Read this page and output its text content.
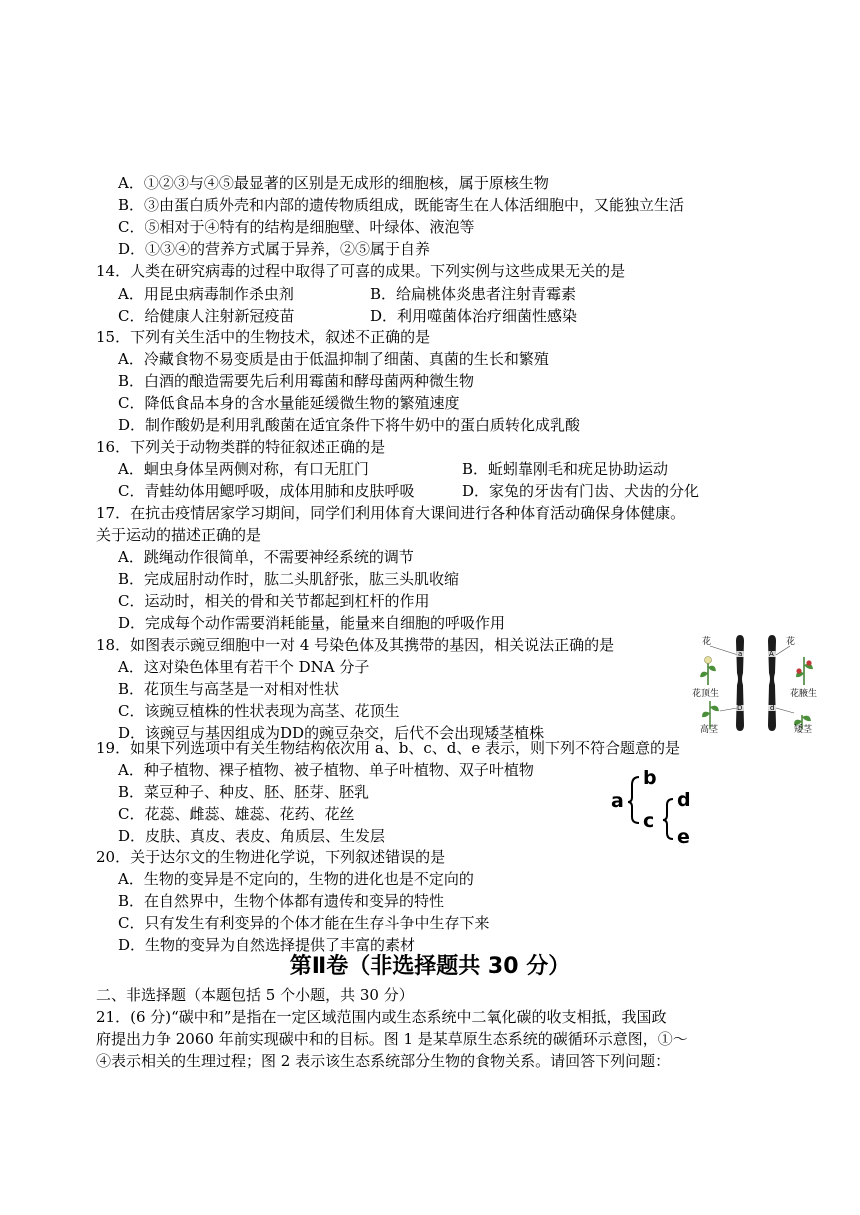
A．①②③与④⑤最显著的区别是无成形的细胞核，属于原核生物
B．③由蛋白质外壳和内部的遗传物质组成，既能寄生在人体活细胞中，又能独立生活
C．⑤相对于④特有的结构是细胞壁、叶绿体、液泡等
D．①③④的营养方式属于异养，②⑤属于自养
14．人类在研究病毒的过程中取得了可喜的成果。下列实例与这些成果无关的是
A．用昆虫病毒制作杀虫剂	B．给扁桃体炎患者注射青霉素
C．给健康人注射新冠疫苗	D．利用噬菌体治疗细菌性感染
15．下列有关生活中的生物技术，叙述不正确的是
A．冷藏食物不易变质是由于低温抑制了细菌、真菌的生长和繁殖
B．白酒的酿造需要先后利用霉菌和酵母菌两种微生物
C．降低食品本身的含水量能延缓微生物的繁殖速度
D．制作酸奶是利用乳酸菌在适宜条件下将牛奶中的蛋白质转化成乳酸
16．下列关于动物类群的特征叙述正确的是
A．蛔虫身体呈两侧对称，有口无肛门	B．蚯蚓靠刚毛和疣足协助运动
C．青蛙幼体用鳃呼吸，成体用肺和皮肤呼吸	D．家兔的牙齿有门齿、犬齿的分化
17．在抗击疫情居家学习期间，同学们利用体育大课间进行各种体育活动确保身体健康。
关于运动的描述正确的是
A．跳绳动作很简单，不需要神经系统的调节
B．完成屈肘动作时，肱二头肌舒张，肱三头肌收缩
C．运动时，相关的骨和关节都起到杠杆的作用
D．完成每个动作需要消耗能量，能量来自细胞的呼吸作用
18．如图表示豌豆细胞中一对 4 号染色体及其携带的基因，相关说法正确的是
A．这对染色体里有若干个 DNA 分子
B．花顶生与高茎是一对相对性状
C．该豌豆植株的性状表现为高茎、花顶生
D．该豌豆与基因组成为DD的豌豆杂交，后代不会出现矮茎植株
花
花顶生
a
D
A
d
花
花腋生
高茎	矮茎
19．如果下列选项中有关生物结构依次用 a、b、c、d、e 表示，则下列不符合题意的是
A．种子植物、裸子植物、被子植物、单子叶植物、双子叶植物
B．菜豆种子、种皮、胚、胚芽、胚乳
C．花蕊、雌蕊、雄蕊、花药、花丝
D．皮肤、真皮、表皮、角质层、生发层
a
b
c
d
e
20．关于达尔文的生物进化学说，下列叙述错误的是
A．生物的变异是不定向的，生物的进化也是不定向的
B．在自然界中，生物个体都有遗传和变异的特性
C．只有发生有利变异的个体才能在生存斗争中生存下来
D．生物的变异为自然选择提供了丰富的素材
第Ⅱ卷（非选择题共 30 分）
二、非选择题（本题包括 5 个小题，共 30 分）
21．(6 分)“碳中和”是指在一定区域范围内或生态系统中二氧化碳的收支相抵，我国政
府提出力争 2060 年前实现碳中和的目标。图 1 是某草原生态系统的碳循环示意图，①～
④表示相关的生理过程；图 2 表示该生态系统部分生物的食物关系。请回答下列问题：
